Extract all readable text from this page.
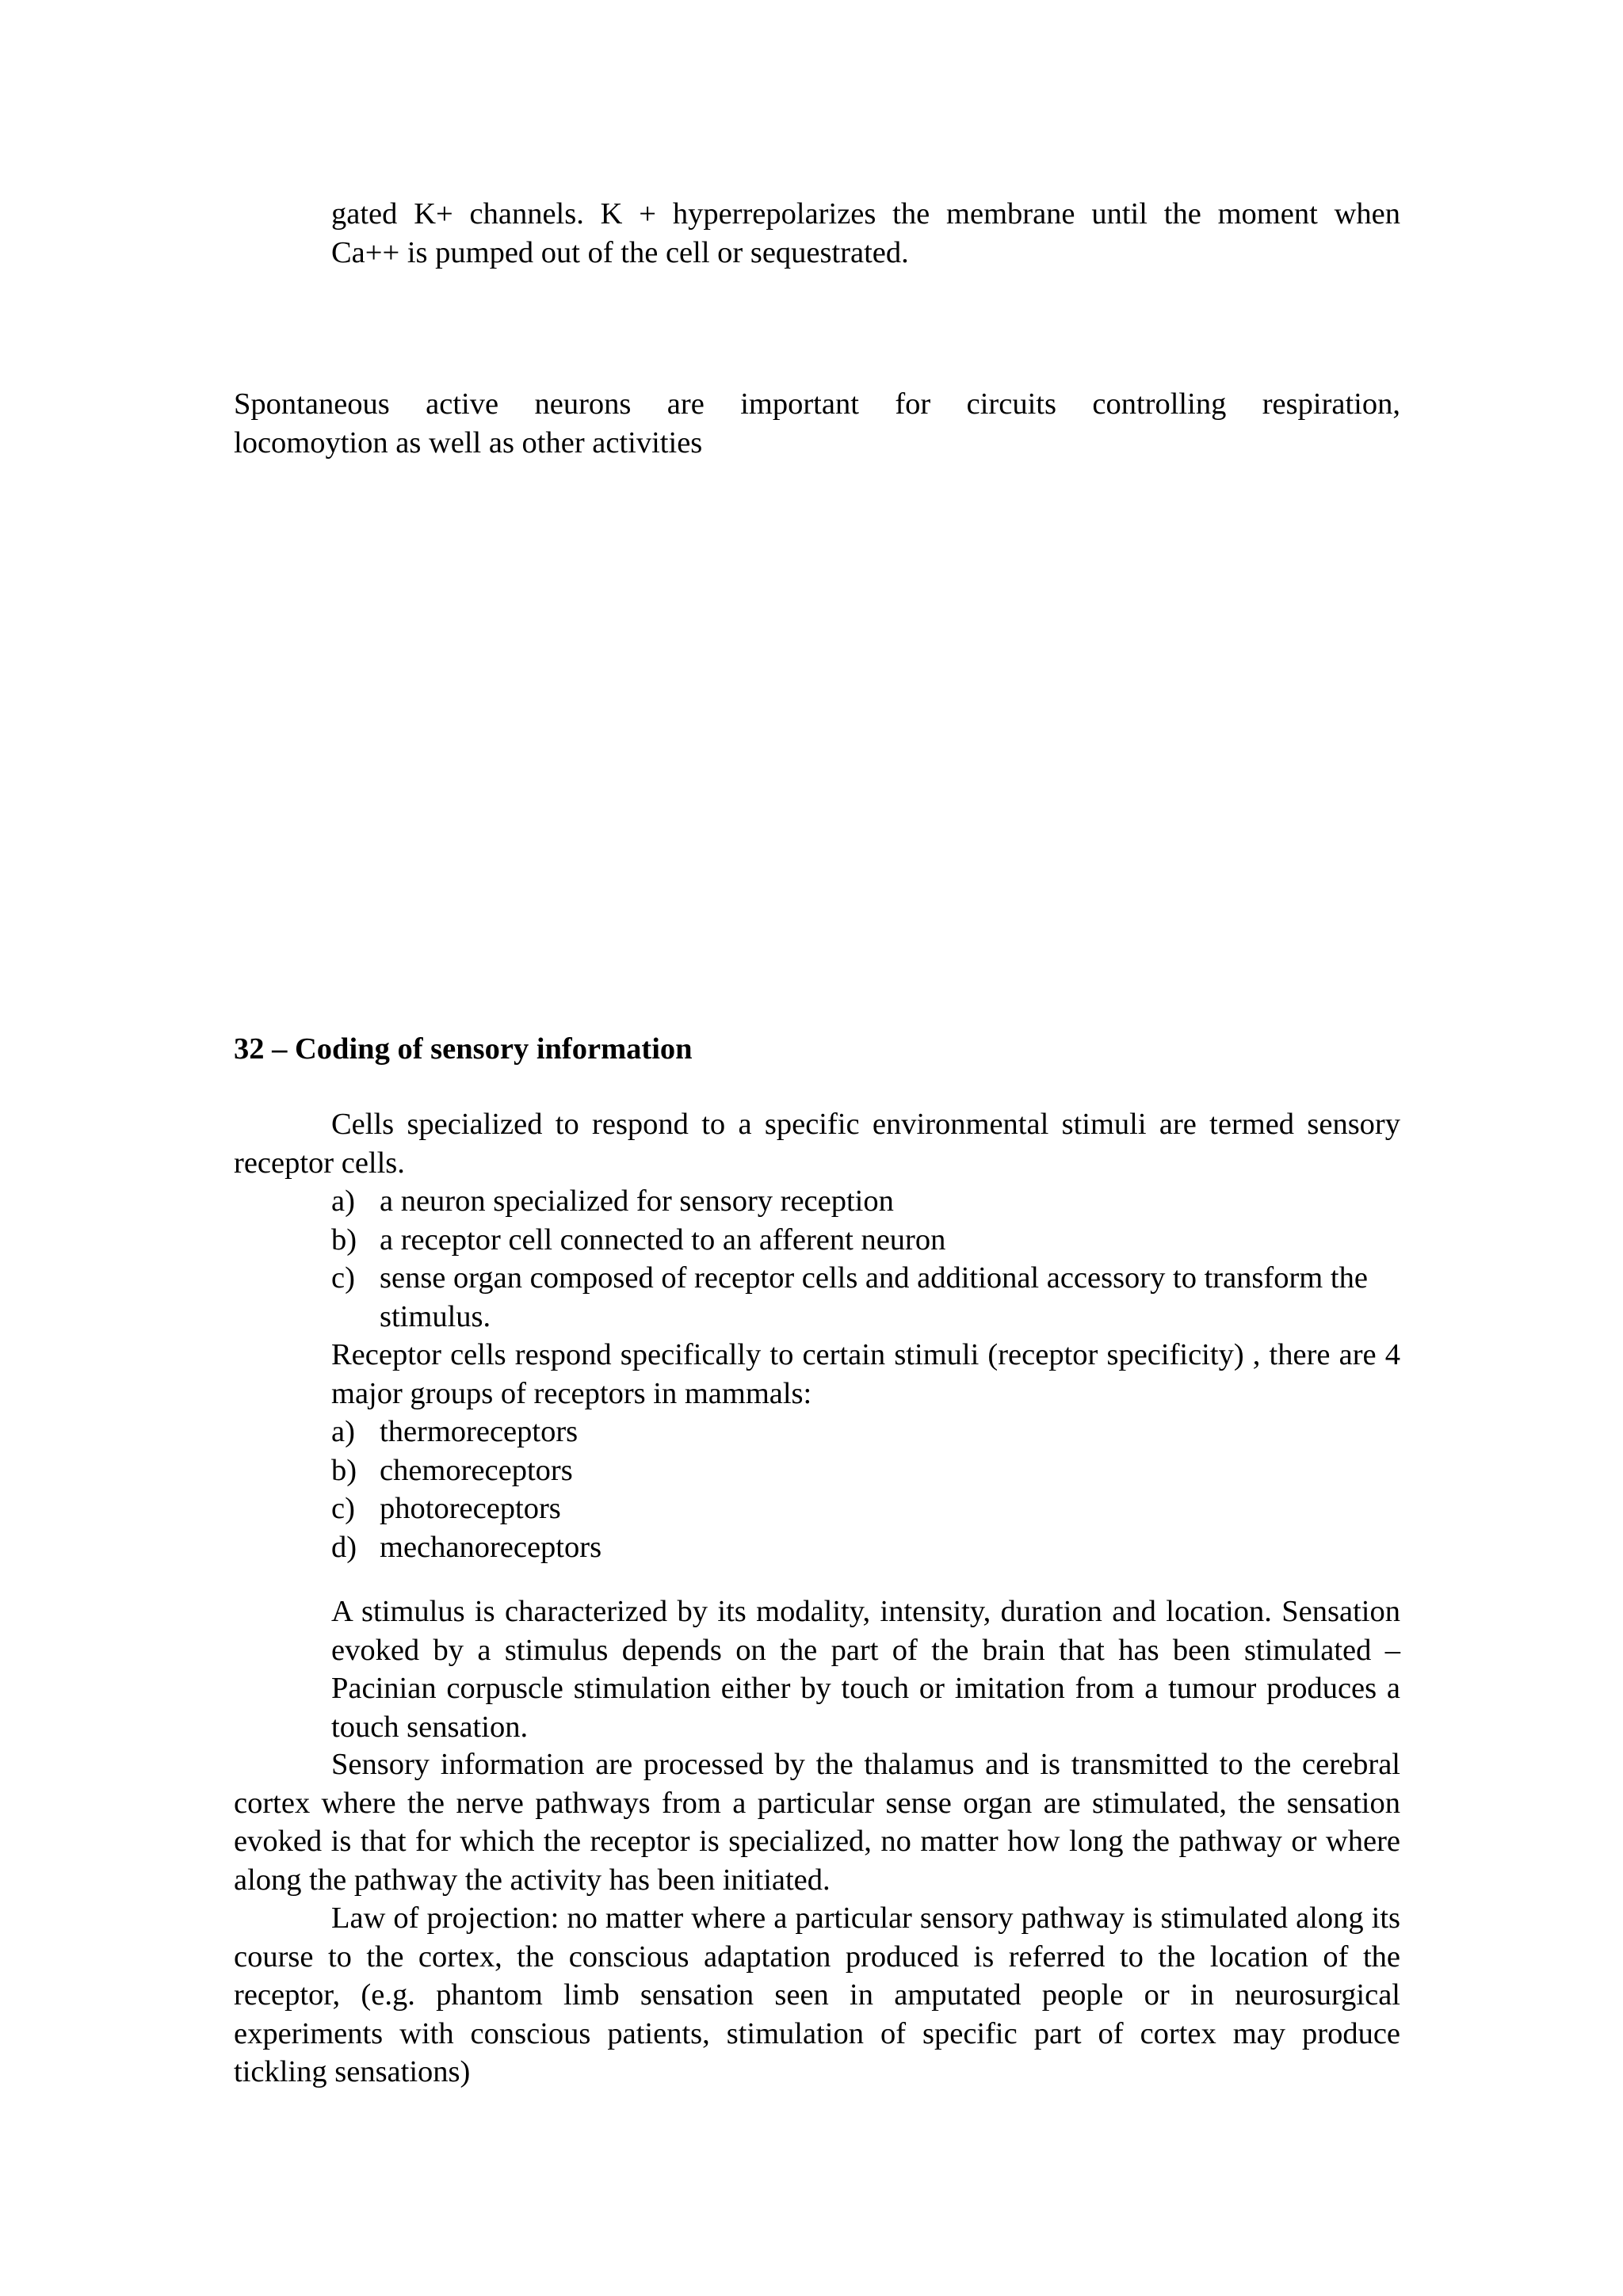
gated K+ channels. K + hyperrepolarizes the membrane until the moment when

Ca++ is pumped out of the cell or sequestrated.

Spontaneous active neurons are important for circuits controlling respiration,

locomoytion as well as other activities

32 – Coding of sensory information

Cells specialized to respond to a specific environmental stimuli are termed sensory receptor cells.

a) a neuron specialized for sensory reception
b) a receptor cell connected to an afferent neuron
c) sense organ composed of receptor cells and additional accessory to transform the stimulus.

Receptor cells respond specifically to certain stimuli (receptor specificity) , there are 4 major groups of receptors in mammals:

a) thermoreceptors
b) chemoreceptors
c) photoreceptors
d) mechanoreceptors

A stimulus is characterized by its modality, intensity, duration and location. Sensation evoked by a stimulus depends on the part of the brain that has been stimulated – Pacinian corpuscle stimulation either by touch or imitation from a tumour produces a touch sensation.

Sensory information are processed by the thalamus and is transmitted to the cerebral cortex where the nerve pathways from a particular sense organ are stimulated, the sensation evoked is that for which the receptor is specialized, no matter how long the pathway or where along the pathway the activity has been initiated.

Law of projection: no matter where a particular sensory pathway is stimulated along its course to the cortex, the conscious adaptation produced is referred to the location of the receptor, (e.g. phantom limb sensation seen in amputated people or in neurosurgical experiments with conscious patients, stimulation of specific part of cortex may produce tickling sensations)
